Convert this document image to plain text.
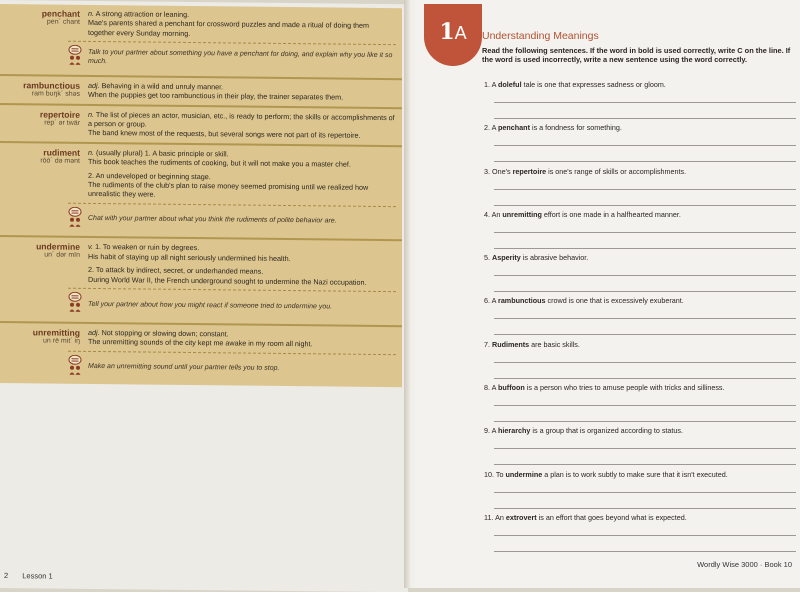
penchant
pen´ chant

n. A strong attraction or leaning.

Mae's parents shared a penchant for crossword puzzles and made a ritual of doing them together every Sunday morning.

Talk to your partner about something you have a penchant for doing, and explain why you like it so much.
rambunctious
ram buŋk´ shəs

adj. Behaving in a wild and unruly manner.

When the puppies get too rambunctious in their play, the trainer separates them.

repertoire
rep´ ər twär

n. The list of pieces an actor, musician, etc., is ready to perform; the skills or accomplishments of a person or group.

The band knew most of the requests, but several songs were not part of its repertoire.

rudiment
rōō´ də mənt

n. (usually plural) 1. A basic principle or skill.

This book teaches the rudiments of cooking, but it will not make you a master chef.

2. An undeveloped or beginning stage.

The rudiments of the club's plan to raise money seemed promising until we realized how unrealistic they were.

Chat with your partner about what you think the rudiments of polite behavior are.
undermine
un´ dər mīn

v. 1. To weaken or ruin by degrees.

His habit of staying up all night seriously undermined his health.

2. To attack by indirect, secret, or underhanded means.

During World War II, the French underground sought to undermine the Nazi occupation.

Tell your partner about how you might react if someone tried to undermine you.
unremitting
un rē mit´ iŋ

adj. Not stopping or slowing down; constant.

The unremitting sounds of the city kept me awake in my room all night.

Make an unremitting sound until your partner tells you to stop.
2 Lesson 1
1A	Understanding Meanings
Read the following sentences. If the word in bold is used correctly, write C on the line. If the word is used incorrectly, write a new sentence using the word correctly.
1. A doleful tale is one that expresses sadness or gloom.
2. A penchant is a fondness for something.
3. One's repertoire is one's range of skills or accomplishments.
4. An unremitting effort is one made in a halfhearted manner.
5. Asperity is abrasive behavior.
6. A rambunctious crowd is one that is excessively exuberant.
7. Rudiments are basic skills.
8. A buffoon is a person who tries to amuse people with tricks and silliness.
9. A hierarchy is a group that is organized according to status.
10. To undermine a plan is to work subtly to make sure that it isn't executed.
11. An extrovert is an effort that goes beyond what is expected.
Wordly Wise 3000 · Book 10
